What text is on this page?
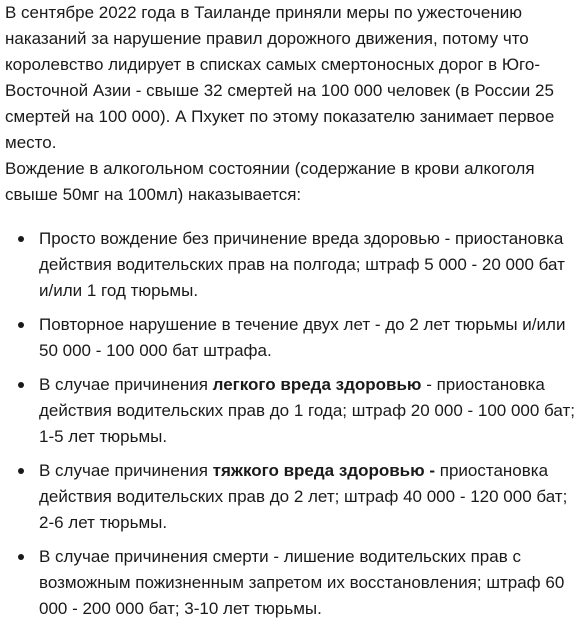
В сентябре 2022 года в Таиланде приняли меры по ужесточению наказаний за нарушение правил дорожного движения, потому что королевство лидирует в списках самых смертоносных дорог в Юго-Восточной Азии - свыше 32 смертей на 100 000 человек (в России 25 смертей на 100 000). А Пхукет по этому показателю занимает первое место.

Вождение в алкогольном состоянии (содержание в крови алкоголя свыше 50мг на 100мл) наказывается:

Просто вождение без причинение вреда здоровью - приостановка действия водительских прав на полгода; штраф 5 000 - 20 000 бат и/или 1 год тюрьмы.
Повторное нарушение в течение двух лет - до 2 лет тюрьмы и/или 50 000 - 100 000 бат штрафа.
В случае причинения легкого вреда здоровью - приостановка действия водительских прав до 1 года; штраф 20 000 - 100 000 бат; 1-5 лет тюрьмы.
В случае причинения тяжкого вреда здоровью - приостановка действия водительских прав до 2 лет; штраф 40 000 - 120 000 бат; 2-6 лет тюрьмы.
В случае причинения смерти - лишение водительских прав с возможным пожизненным запретом их восстановления; штраф 60 000 - 200 000 бат; 3-10 лет тюрьмы.
